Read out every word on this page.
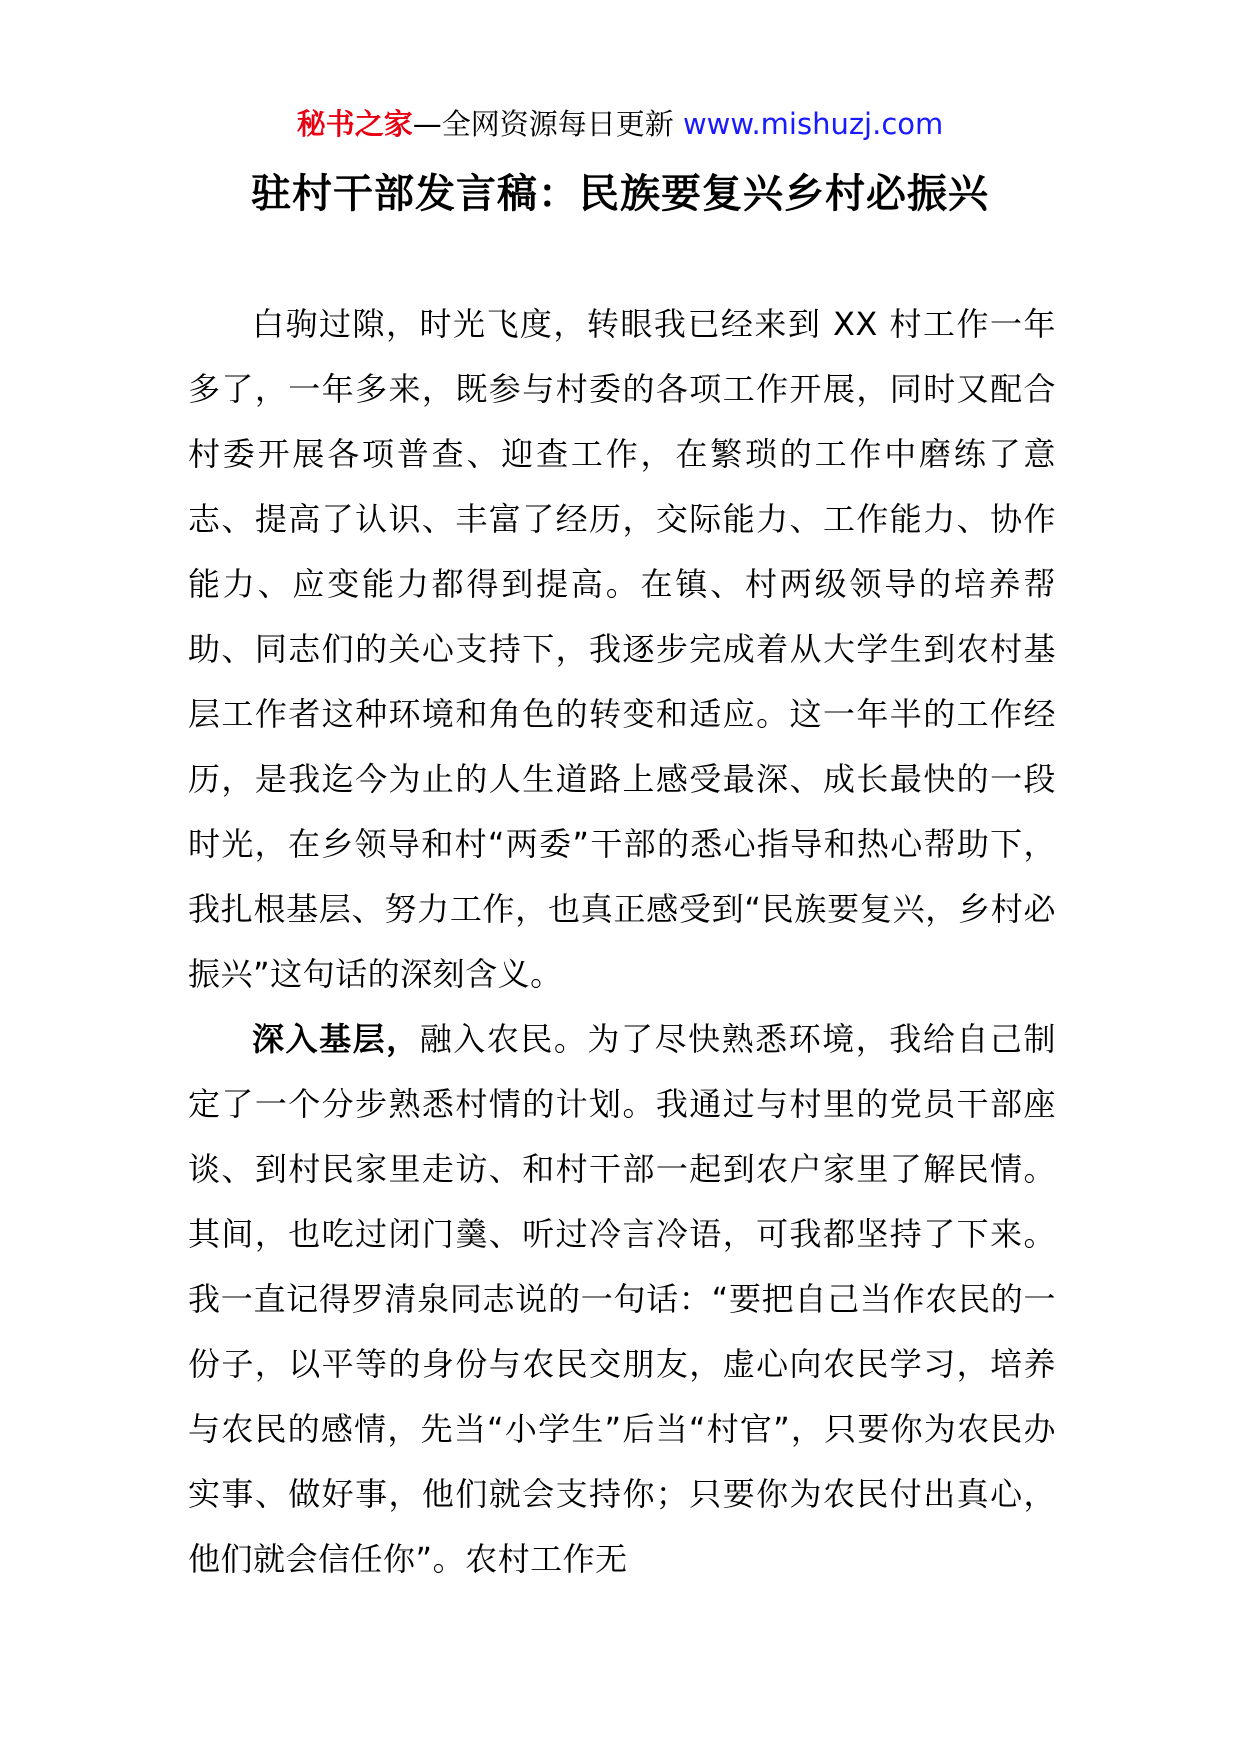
秘书之家—全网资源每日更新 www.mishuzj.com
驻村干部发言稿：民族要复兴乡村必振兴

白驹过隙，时光飞度，转眼我已经来到 XX 村工作一年多了，一年多来，既参与村委的各项工作开展，同时又配合村委开展各项普查、迎查工作，在繁琐的工作中磨练了意志、提高了认识、丰富了经历，交际能力、工作能力、协作能力、应变能力都得到提高。在镇、村两级领导的培养帮助、同志们的关心支持下，我逐步完成着从大学生到农村基层工作者这种环境和角色的转变和适应。这一年半的工作经历，是我迄今为止的人生道路上感受最深、成长最快的一段时光，在乡领导和村“两委”干部的悉心指导和热心帮助下，我扎根基层、努力工作，也真正感受到“民族要复兴，乡村必振兴”这句话的深刻含义。

深入基层，融入农民。为了尽快熟悉环境，我给自己制定了一个分步熟悉村情的计划。我通过与村里的党员干部座谈、到村民家里走访、和村干部一起到农户家里了解民情。其间，也吃过闭门羹、听过冷言冷语，可我都坚持了下来。我一直记得罗清泉同志说的一句话：“要把自己当作农民的一份子，以平等的身份与农民交朋友，虚心向农民学习，培养与农民的感情，先当“小学生”后当“村官”，只要你为农民办实事、做好事，他们就会支持你；只要你为农民付出真心，他们就会信任你”。农村工作无
